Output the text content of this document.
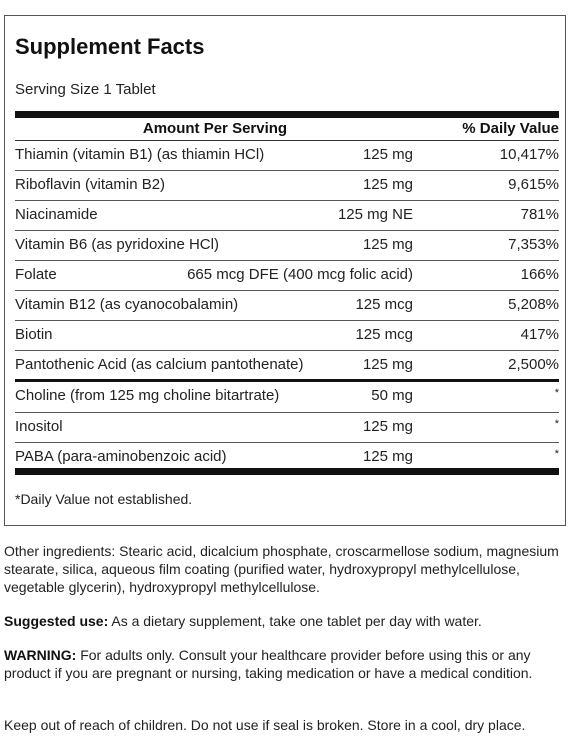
Supplement Facts
Serving Size 1 Tablet
Amount Per Serving	% Daily Value
Thiamin (vitamin B1) (as thiamin HCl)	125 mg	10,417%
Riboflavin (vitamin B2)	125 mg	9,615%
Niacinamide	125 mg NE	781%
Vitamin B6 (as pyridoxine HCl)	125 mg	7,353%
Folate	665 mcg DFE (400 mcg folic acid)	166%
Vitamin B12 (as cyanocobalamin)	125 mcg	5,208%
Biotin	125 mcg	417%
Pantothenic Acid (as calcium pantothenate)	125 mg	2,500%
Choline (from 125 mg choline bitartrate)	50 mg	*
Inositol	125 mg	*
PABA (para-aminobenzoic acid)	125 mg	*
*Daily Value not established.

Other ingredients: Stearic acid, dicalcium phosphate, croscarmellose sodium, magnesium stearate, silica, aqueous film coating (purified water, hydroxypropyl methylcellulose, vegetable glycerin), hydroxypropyl methylcellulose.

Suggested use: As a dietary supplement, take one tablet per day with water.

WARNING: For adults only. Consult your healthcare provider before using this or any product if you are pregnant or nursing, taking medication or have a medical condition.

Keep out of reach of children. Do not use if seal is broken. Store in a cool, dry place.
